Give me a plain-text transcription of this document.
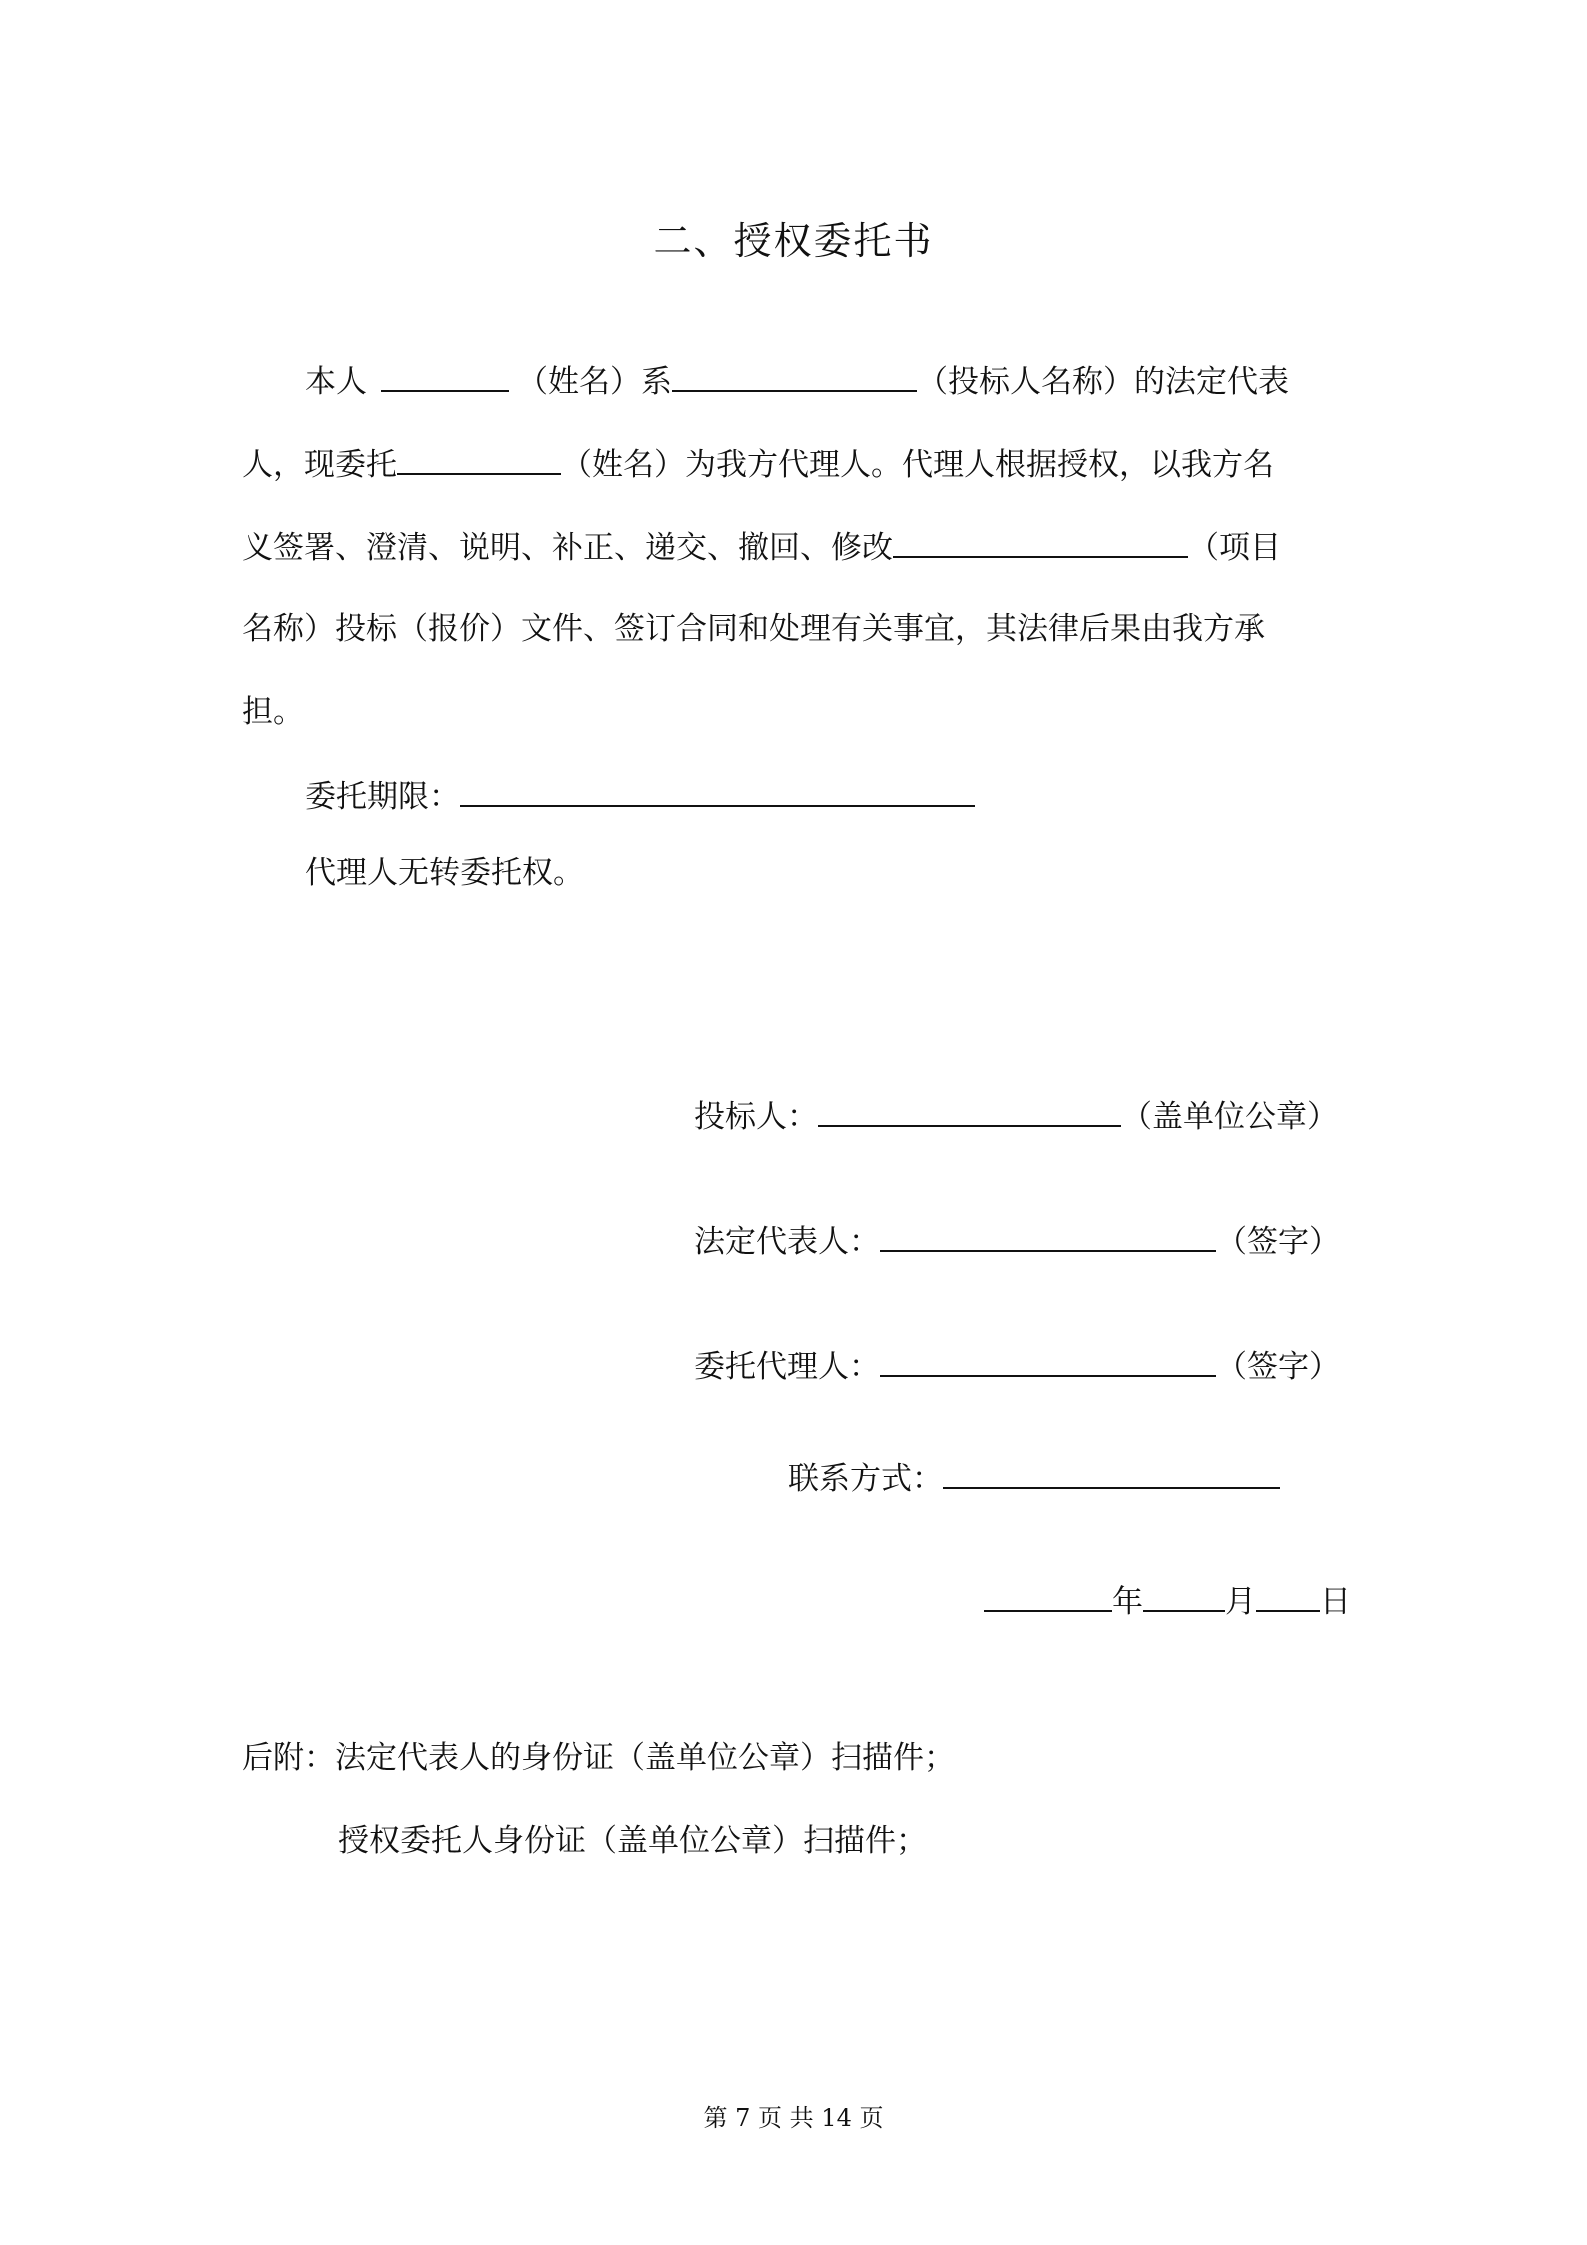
二、授权委托书
本人	（姓名）系	（投标人名称）的法定代表
人，现委托	（姓名）为我方代理人。代理人根据授权，以我方名
义签署、澄清、说明、补正、递交、撤回、修改	（项目
名称）投标（报价）文件、签订合同和处理有关事宜，其法律后果由我方承
担。
委托期限：
代理人无转委托权。
投标人：	（盖单位公章）
法定代表人：	（签字）
委托代理人：	（签字）
联系方式：
年	月 日
后附：法定代表人的身份证（盖单位公章）扫描件；
授权委托人身份证（盖单位公章）扫描件；
第 7 页 共 14 页
